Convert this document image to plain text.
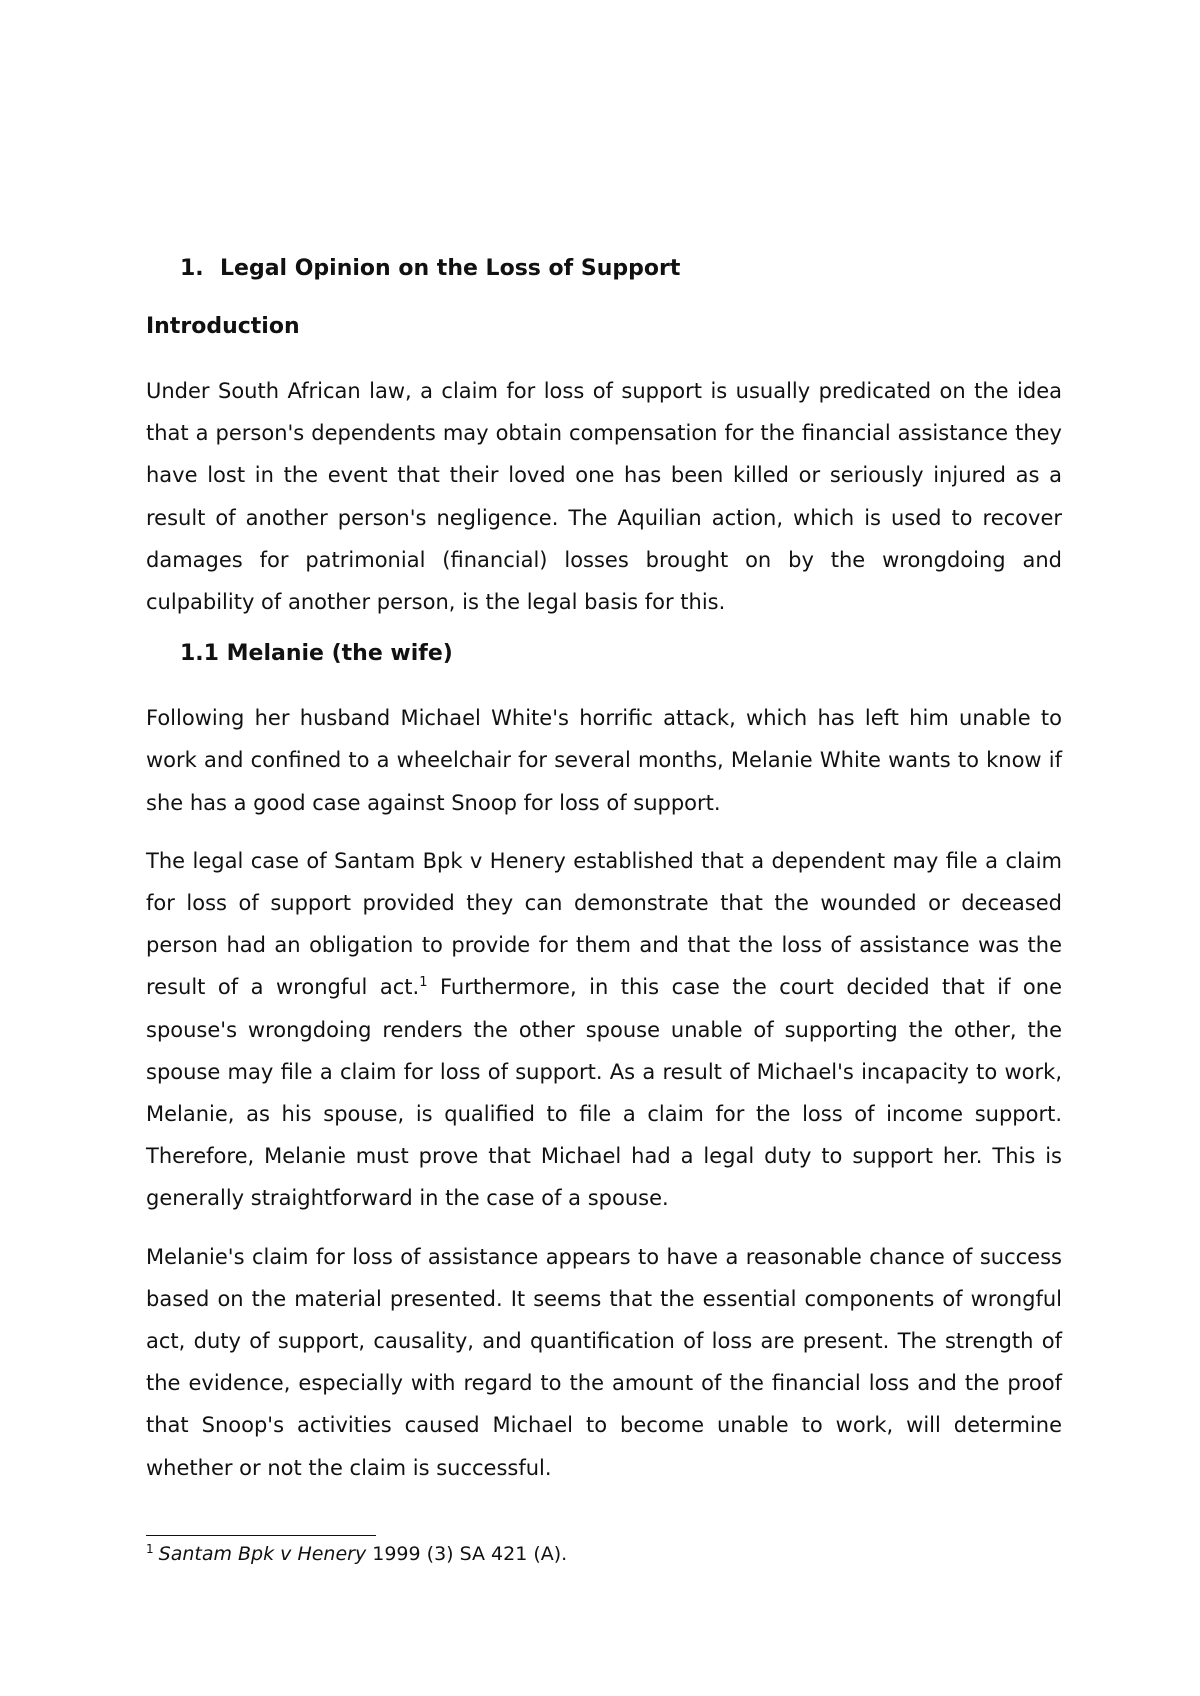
1. Legal Opinion on the Loss of Support
Introduction

Under South African law, a claim for loss of support is usually predicated on the idea that a person's dependents may obtain compensation for the financial assistance they have lost in the event that their loved one has been killed or seriously injured as a result of another person's negligence. The Aquilian action, which is used to recover damages for patrimonial (financial) losses brought on by the wrongdoing and culpability of another person, is the legal basis for this.

1.1 Melanie (the wife)

Following her husband Michael White's horrific attack, which has left him unable to work and confined to a wheelchair for several months, Melanie White wants to know if she has a good case against Snoop for loss of support.

The legal case of Santam Bpk v Henery established that a dependent may file a claim for loss of support provided they can demonstrate that the wounded or deceased person had an obligation to provide for them and that the loss of assistance was the result of a wrongful act.$^1$ Furthermore, in this case the court decided that if one spouse's wrongdoing renders the other spouse unable of supporting the other, the spouse may file a claim for loss of support. As a result of Michael's incapacity to work, Melanie, as his spouse, is qualified to file a claim for the loss of income support. Therefore, Melanie must prove that Michael had a legal duty to support her. This is generally straightforward in the case of a spouse.

Melanie's claim for loss of assistance appears to have a reasonable chance of success based on the material presented. It seems that the essential components of wrongful act, duty of support, causality, and quantification of loss are present. The strength of the evidence, especially with regard to the amount of the financial loss and the proof that Snoop's activities caused Michael to become unable to work, will determine whether or not the claim is successful.

$^1$ Santam Bpk v Henery 1999 (3) SA 421 (A).
